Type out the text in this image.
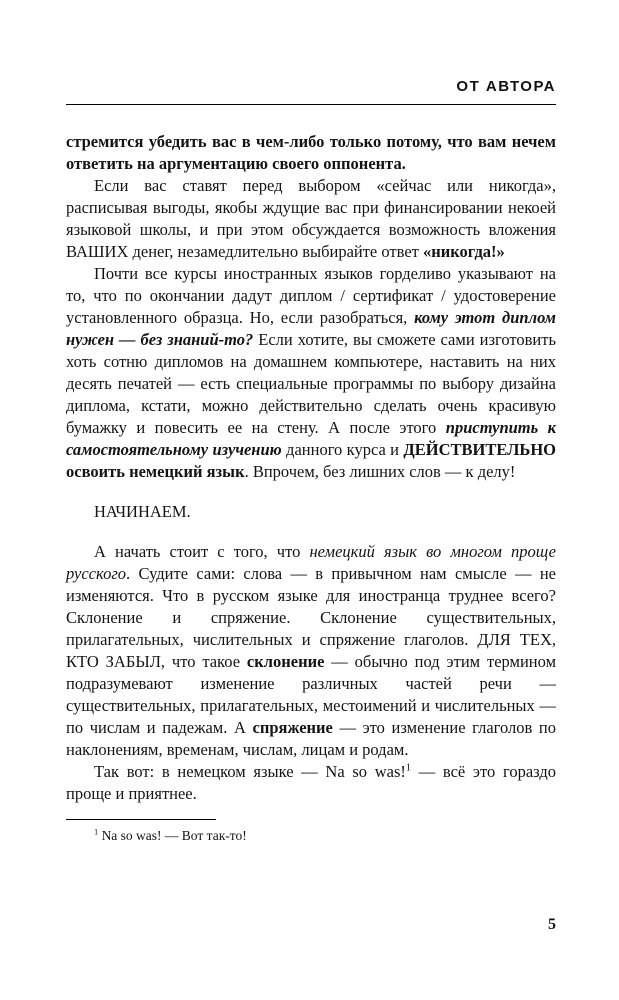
ОТ АВТОРА

стремится убедить вас в чем-либо только потому, что вам нечем ответить на аргументацию своего оппонента.

Если вас ставят перед выбором «сейчас или никогда», расписывая выгоды, якобы ждущие вас при финансировании некоей языковой школы, и при этом обсуждается возможность вложения ВАШИХ денег, незамедлительно выбирайте ответ «никогда!»

Почти все курсы иностранных языков горделиво указывают на то, что по окончании дадут диплом / сертификат / удостоверение установленного образца. Но, если разобраться, кому этот диплом нужен — без знаний-то? Если хотите, вы сможете сами изготовить хоть сотню дипломов на домашнем компьютере, наставить на них десять печатей — есть специальные программы по выбору дизайна диплома, кстати, можно действительно сделать очень красивую бумажку и повесить ее на стену. А после этого приступить к самостоятельному изучению данного курса и ДЕЙСТВИТЕЛЬНО освоить немецкий язык. Впрочем, без лишних слов — к делу!

НАЧИНАЕМ.

А начать стоит с того, что немецкий язык во многом проще русского. Судите сами: слова — в привычном нам смысле — не изменяются. Что в русском языке для иностранца труднее всего? Склонение и спряжение. Склонение существительных, прилагательных, числительных и спряжение глаголов. ДЛЯ ТЕХ, КТО ЗАБЫЛ, что такое склонение — обычно под этим термином подразумевают изменение различных частей речи — существительных, прилагательных, местоимений и числительных — по числам и падежам. А спряжение — это изменение глаголов по наклонениям, временам, числам, лицам и родам.

Так вот: в немецком языке — Na so was!$^1$ — всё это гораздо проще и приятнее.

$^1$ Na so was! — Вот так-то!
5
